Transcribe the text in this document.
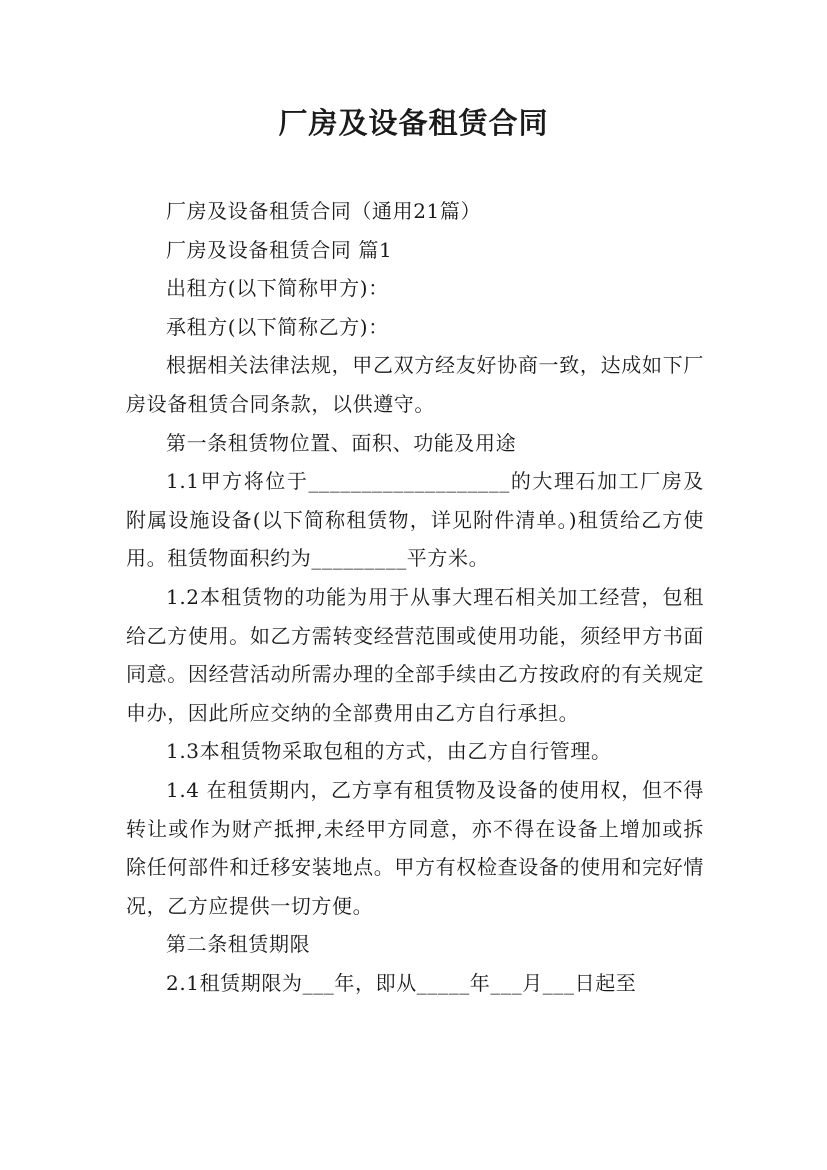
厂房及设备租赁合同

厂房及设备租赁合同（通用21篇）

厂房及设备租赁合同 篇1

出租方(以下简称甲方)：

承租方(以下简称乙方)：

根据相关法律法规，甲乙双方经友好协商一致，达成如下厂房设备租赁合同条款，以供遵守。

第一条租赁物位置、面积、功能及用途

1.1甲方将位于___________________的大理石加工厂房及附属设施设备(以下简称租赁物，详见附件清单。)租赁给乙方使用。租赁物面积约为_________平方米。

1.2本租赁物的功能为用于从事大理石相关加工经营，包租给乙方使用。如乙方需转变经营范围或使用功能，须经甲方书面同意。因经营活动所需办理的全部手续由乙方按政府的有关规定申办，因此所应交纳的全部费用由乙方自行承担。

1.3本租赁物采取包租的方式，由乙方自行管理。

1.4 在租赁期内，乙方享有租赁物及设备的使用权，但不得转让或作为财产抵押,未经甲方同意，亦不得在设备上增加或拆除任何部件和迁移安装地点。甲方有权检查设备的使用和完好情况，乙方应提供一切方便。

第二条租赁期限

2.1租赁期限为___年，即从_____年___月___日起至
